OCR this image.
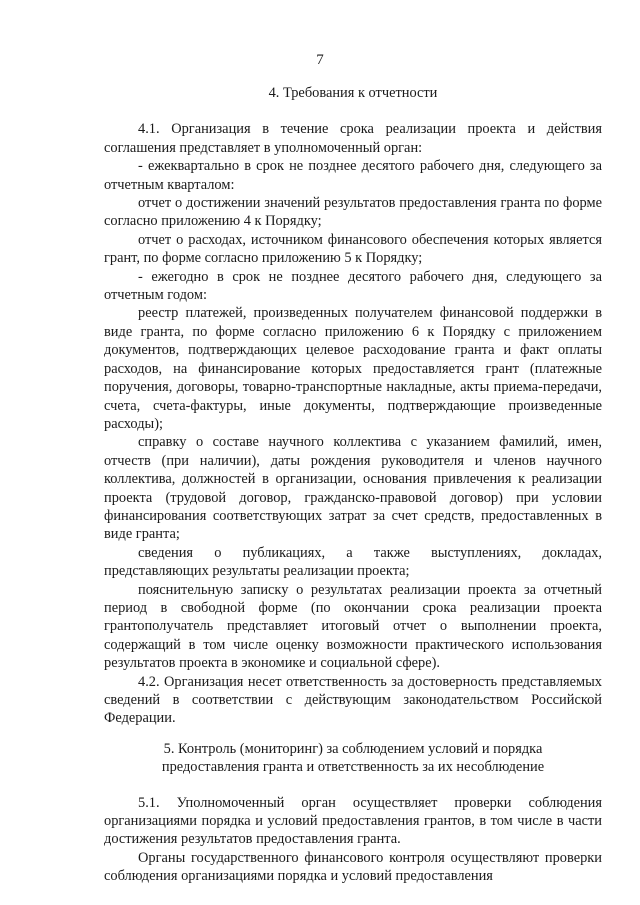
7

4. Требования к отчетности

4.1. Организация в течение срока реализации проекта и действия соглашения представляет в уполномоченный орган:

- ежеквартально в срок не позднее десятого рабочего дня, следующего за отчетным кварталом:

отчет о достижении значений результатов предоставления гранта по форме согласно приложению 4 к Порядку;

отчет о расходах, источником финансового обеспечения которых является грант, по форме согласно приложению 5 к Порядку;

- ежегодно в срок не позднее десятого рабочего дня, следующего за отчетным годом:

реестр платежей, произведенных получателем финансовой поддержки в виде гранта, по форме согласно приложению 6 к Порядку с приложением документов, подтверждающих целевое расходование гранта и факт оплаты расходов, на финансирование которых предоставляется грант (платежные поручения, договоры, товарно-транспортные накладные, акты приема-передачи, счета, счета-фактуры, иные документы, подтверждающие произведенные расходы);

справку о составе научного коллектива с указанием фамилий, имен, отчеств (при наличии), даты рождения руководителя и членов научного коллектива, должностей в организации, основания привлечения к реализации проекта (трудовой договор, гражданско-правовой договор) при условии финансирования соответствующих затрат за счет средств, предоставленных в виде гранта;

сведения о публикациях, а также выступлениях, докладах, представляющих результаты реализации проекта;

пояснительную записку о результатах реализации проекта за отчетный период в свободной форме (по окончании срока реализации проекта грантополучатель представляет итоговый отчет о выполнении проекта, содержащий в том числе оценку возможности практического использования результатов проекта в экономике и социальной сфере).

4.2. Организация несет ответственность за достоверность представляемых сведений в соответствии с действующим законодательством Российской Федерации.

5. Контроль (мониторинг) за соблюдением условий и порядка
предоставления гранта и ответственность за их несоблюдение

5.1. Уполномоченный орган осуществляет проверки соблюдения организациями порядка и условий предоставления грантов, в том числе в части достижения результатов предоставления гранта.

Органы государственного финансового контроля осуществляют проверки соблюдения организациями порядка и условий предоставления
